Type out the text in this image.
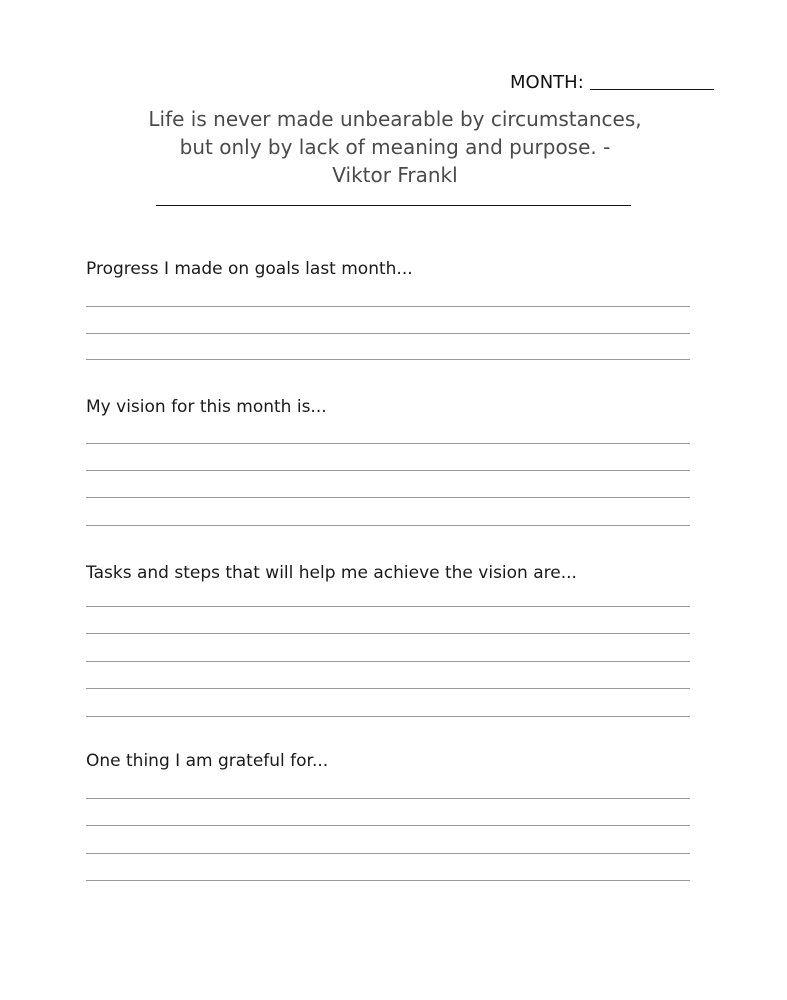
MONTH:
Life is never made unbearable by circumstances,
but only by lack of meaning and purpose. -
Viktor Frankl

Progress I made on goals last month...

My vision for this month is...

Tasks and steps that will help me achieve the vision are...

One thing I am grateful for...
